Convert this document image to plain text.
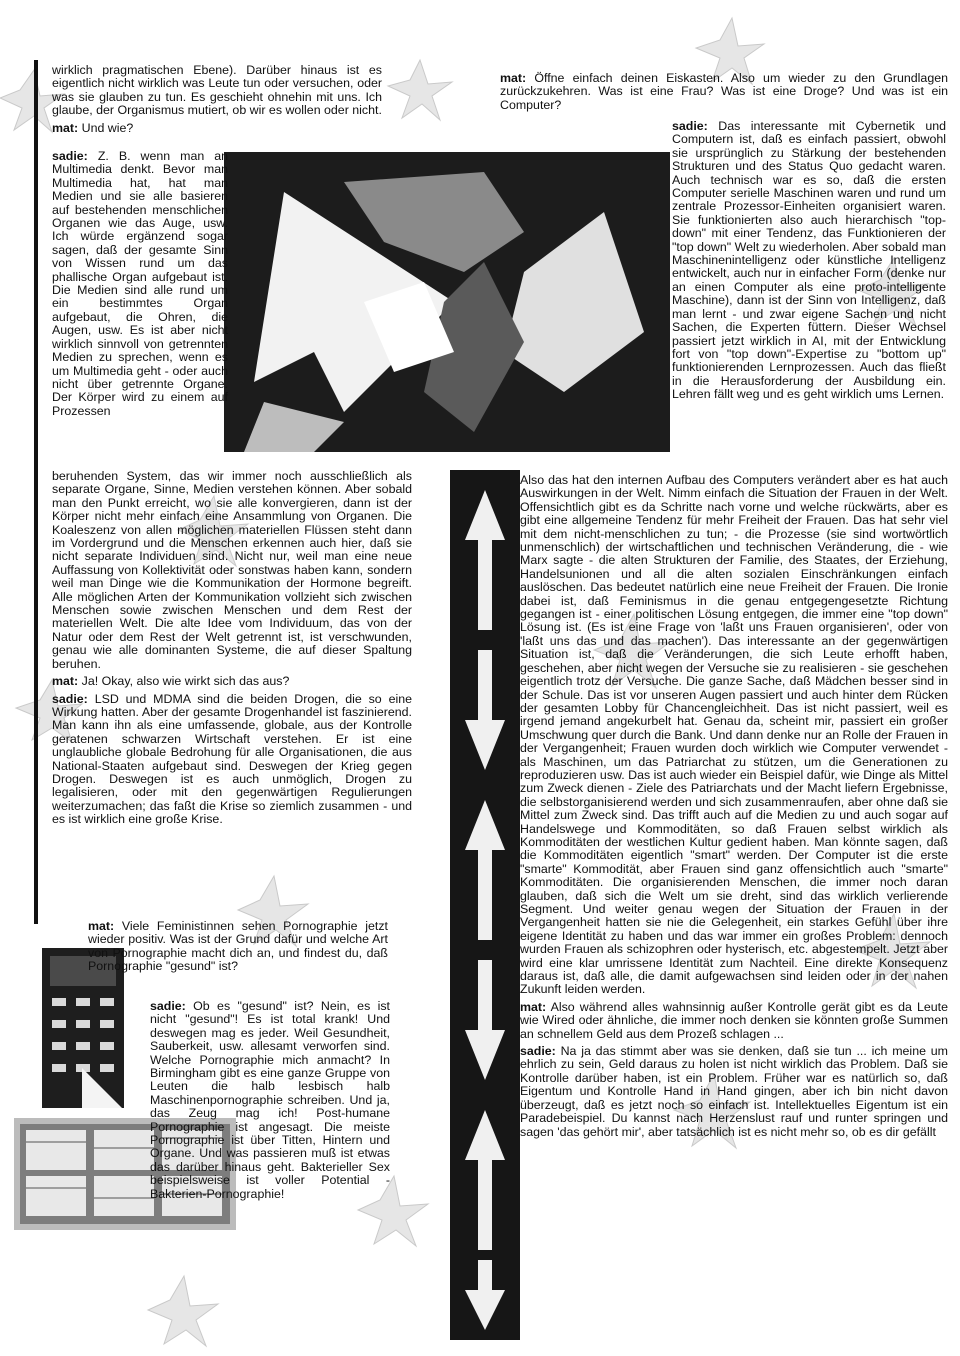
wirklich pragmatischen Ebene). Darüber hinaus ist es eigentlich nicht wirklich was Leute tun oder versuchen, oder was sie glauben zu tun. Es geschieht ohnehin mit uns. Ich glaube, der Organismus mutiert, ob wir es wollen oder nicht.

mat: Und wie?

sadie: Z. B. wenn man an Multimedia denkt. Bevor man Multimedia hat, hat man Medien und sie alle basieren auf bestehenden menschlichen Organen wie das Auge, usw. Ich würde ergänzend sogar sagen, daß der gesamte Sinn von Wissen rund um das phallische Organ aufgebaut ist. Die Medien sind alle rund um ein bestimmtes Organ aufgebaut, die Ohren, die Augen, usw. Es ist aber nicht wirklich sinnvoll von getrennten Medien zu sprechen, wenn es um Multimedia geht - oder auch nicht über getrennte Organe. Der Körper wird zu einem auf Prozessen

beruhenden System, das wir immer noch ausschließlich als separate Organe, Sinne, Medien verstehen können. Aber sobald man den Punkt erreicht, wo sie alle konvergieren, dann ist der Körper nicht mehr einfach eine Ansammlung von Organen. Die Koaleszenz von allen möglichen materiellen Flüssen steht dann im Vordergrund und die Menschen erkennen auch hier, daß sie nicht separate Individuen sind. Nicht nur, weil man eine neue Auffassung von Kollektivität oder sonstwas haben kann, sondern weil man Dinge wie die Kommunikation der Hormone begreift. Alle möglichen Arten der Kommunikation vollzieht sich zwischen Menschen sowie zwischen Menschen und dem Rest der materiellen Welt. Die alte Idee vom Individuum, das von der Natur oder dem Rest der Welt getrennt ist, ist verschwunden, genau wie alle dominanten Systeme, die auf dieser Spaltung beruhen.

mat: Ja! Okay, also wie wirkt sich das aus?

sadie: LSD und MDMA sind die beiden Drogen, die so eine Wirkung hatten. Aber der gesamte Drogenhandel ist faszinierend. Man kann ihn als eine umfassende, globale, aus der Kontrolle geratenen schwarzen Wirtschaft verstehen. Er ist eine unglaubliche globale Bedrohung für alle Organisationen, die aus National-Staaten aufgebaut sind. Deswegen der Krieg gegen Drogen. Deswegen ist es auch unmöglich, Drogen zu legalisieren, oder mit den gegenwärtigen Regulierungen weiterzumachen; das faßt die Krise so ziemlich zusammen - und es ist wirklich eine große Krise.

mat: Viele Feministinnen sehen Pornographie jetzt wieder positiv. Was ist der Grund dafür und welche Art von Pornographie macht dich an, und findest du, daß Pornographie "gesund" ist?

sadie: Ob es "gesund" ist? Nein, es ist nicht "gesund"! Es ist total krank! Und deswegen mag es jeder. Weil Gesundheit, Sauberkeit, usw. allesamt verworfen sind. Welche Pornographie mich anmacht? In Birmingham gibt es eine ganze Gruppe von Leuten die halb lesbisch halb Maschinenpornographie schreiben. Und ja, das Zeug mag ich! Post-humane Pornographie ist angesagt. Die meiste Pornographie ist über Titten, Hintern und Organe. Und was passieren muß ist etwas das darüber hinaus geht. Bakterieller Sex beispielsweise ist voller Potential - Bakterien-Pornographie!

mat: Öffne einfach deinen Eiskasten. Also um wieder zu den Grundlagen zurückzukehren. Was ist eine Frau? Was ist eine Droge? Und was ist ein Computer?

sadie: Das interessante mit Cybernetik und Computern ist, daß es einfach passiert, obwohl sie ursprünglich zu Stärkung der bestehenden Strukturen und des Status Quo gedacht waren. Auch technisch war es so, daß die ersten Computer serielle Maschinen waren und rund um zentrale Prozessor-Einheiten organisiert waren. Sie funktionierten also auch hierarchisch "top-down" mit einer Tendenz, das Funktionieren der "top down" Welt zu wiederholen. Aber sobald man Maschinenintelligenz oder künstliche Intelligenz entwickelt, auch nur in einfacher Form (denke nur an einen Computer als eine proto-intelligente Maschine), dann ist der Sinn von Intelligenz, daß man lernt - und zwar eigene Sachen und nicht Sachen, die Experten füttern. Dieser Wechsel passiert jetzt wirklich in AI, mit der Entwicklung fort von "top down"-Expertise zu "bottom up" funktionierenden Lernprozessen. Auch das fließt in die Herausforderung der Ausbildung ein. Lehren fällt weg und es geht wirklich ums Lernen.

Also das hat den internen Aufbau des Computers verändert aber es hat auch Auswirkungen in der Welt. Nimm einfach die Situation der Frauen in der Welt. Offensichtlich gibt es da Schritte nach vorne und welche rückwärts, aber es gibt eine allgemeine Tendenz für mehr Freiheit der Frauen. Das hat sehr viel mit dem nicht-menschlichen zu tun; - die Prozesse (sie sind wortwörtlich unmenschlich) der wirtschaftlichen und technischen Veränderung, die - wie Marx sagte - die alten Strukturen der Familie, des Staates, der Erziehung, Handelsunionen und all die alten sozialen Einschränkungen einfach auslöschen. Das bedeutet natürlich eine neue Freiheit der Frauen. Die Ironie dabei ist, daß Feminismus in die genau entgegengesetzte Richtung gegangen ist - einer politischen Lösung entgegen, die immer eine "top down" Lösung ist. (Es ist eine Frage von 'laßt uns Frauen organisieren', oder von 'laßt uns das und das machen'). Das interessante an der gegenwärtigen Situation ist, daß die Veränderungen, die sich Leute erhofft haben, geschehen, aber nicht wegen der Versuche sie zu realisieren - sie geschehen eigentlich trotz der Versuche. Die ganze Sache, daß Mädchen besser sind in der Schule. Das ist vor unseren Augen passiert und auch hinter dem Rücken der gesamten Lobby für Chancengleichheit. Das ist nicht passiert, weil es irgend jemand angekurbelt hat. Genau da, scheint mir, passiert ein großer Umschwung quer durch die Bank. Und dann denke nur an Rolle der Frauen in der Vergangenheit; Frauen wurden doch wirklich wie Computer verwendet - als Maschinen, um das Patriarchat zu stützen, um die Generationen zu reproduzieren usw. Das ist auch wieder ein Beispiel dafür, wie Dinge als Mittel zum Zweck dienen - Ziele des Patriarchats und der Macht liefern Ergebnisse, die selbstorganisierend werden und sich zusammenraufen, aber ohne daß sie Mittel zum Zweck sind. Das trifft auch auf die Medien zu und auch sogar auf Handelswege und Kommoditäten, so daß Frauen selbst wirklich als Kommoditäten der westlichen Kultur gedient haben. Man könnte sagen, daß die Kommoditäten eigentlich "smart" werden. Der Computer ist die erste "smarte" Kommodität, aber Frauen sind ganz offensichtlich auch "smarte" Kommoditäten. Die organisierenden Menschen, die immer noch daran glauben, daß sich die Welt um sie dreht, sind das wirklich verlierende Segment. Und weiter genau wegen der Situation der Frauen in der Vergangenheit hatten sie nie die Gelegenheit, ein starkes Gefühl über ihre eigene Identität zu haben und das war immer ein großes Problem: dennoch wurden Frauen als schizophren oder hysterisch, etc. abgestempelt. Jetzt aber wird eine klar umrissene Identität zum Nachteil. Eine direkte Konsequenz daraus ist, daß alle, die damit aufgewachsen sind leiden oder in der nahen Zukunft leiden werden.

mat: Also während alles wahnsinnig außer Kontrolle gerät gibt es da Leute wie Wired oder ähnliche, die immer noch denken sie könnten große Summen an schnellem Geld aus dem Prozeß schlagen ...

sadie: Na ja das stimmt aber was sie denken, daß sie tun ... ich meine um ehrlich zu sein, Geld daraus zu holen ist nicht wirklich das Problem. Daß sie Kontrolle darüber haben, ist ein Problem. Früher war es natürlich so, daß Eigentum und Kontrolle Hand in Hand gingen, aber ich bin nicht davon überzeugt, daß es jetzt noch so einfach ist. Intellektuelles Eigentum ist ein Paradebeispiel. Du kannst nach Herzenslust rauf und runter springen und sagen 'das gehört mir', aber tatsächlich ist es nicht mehr so, ob es dir gefällt
